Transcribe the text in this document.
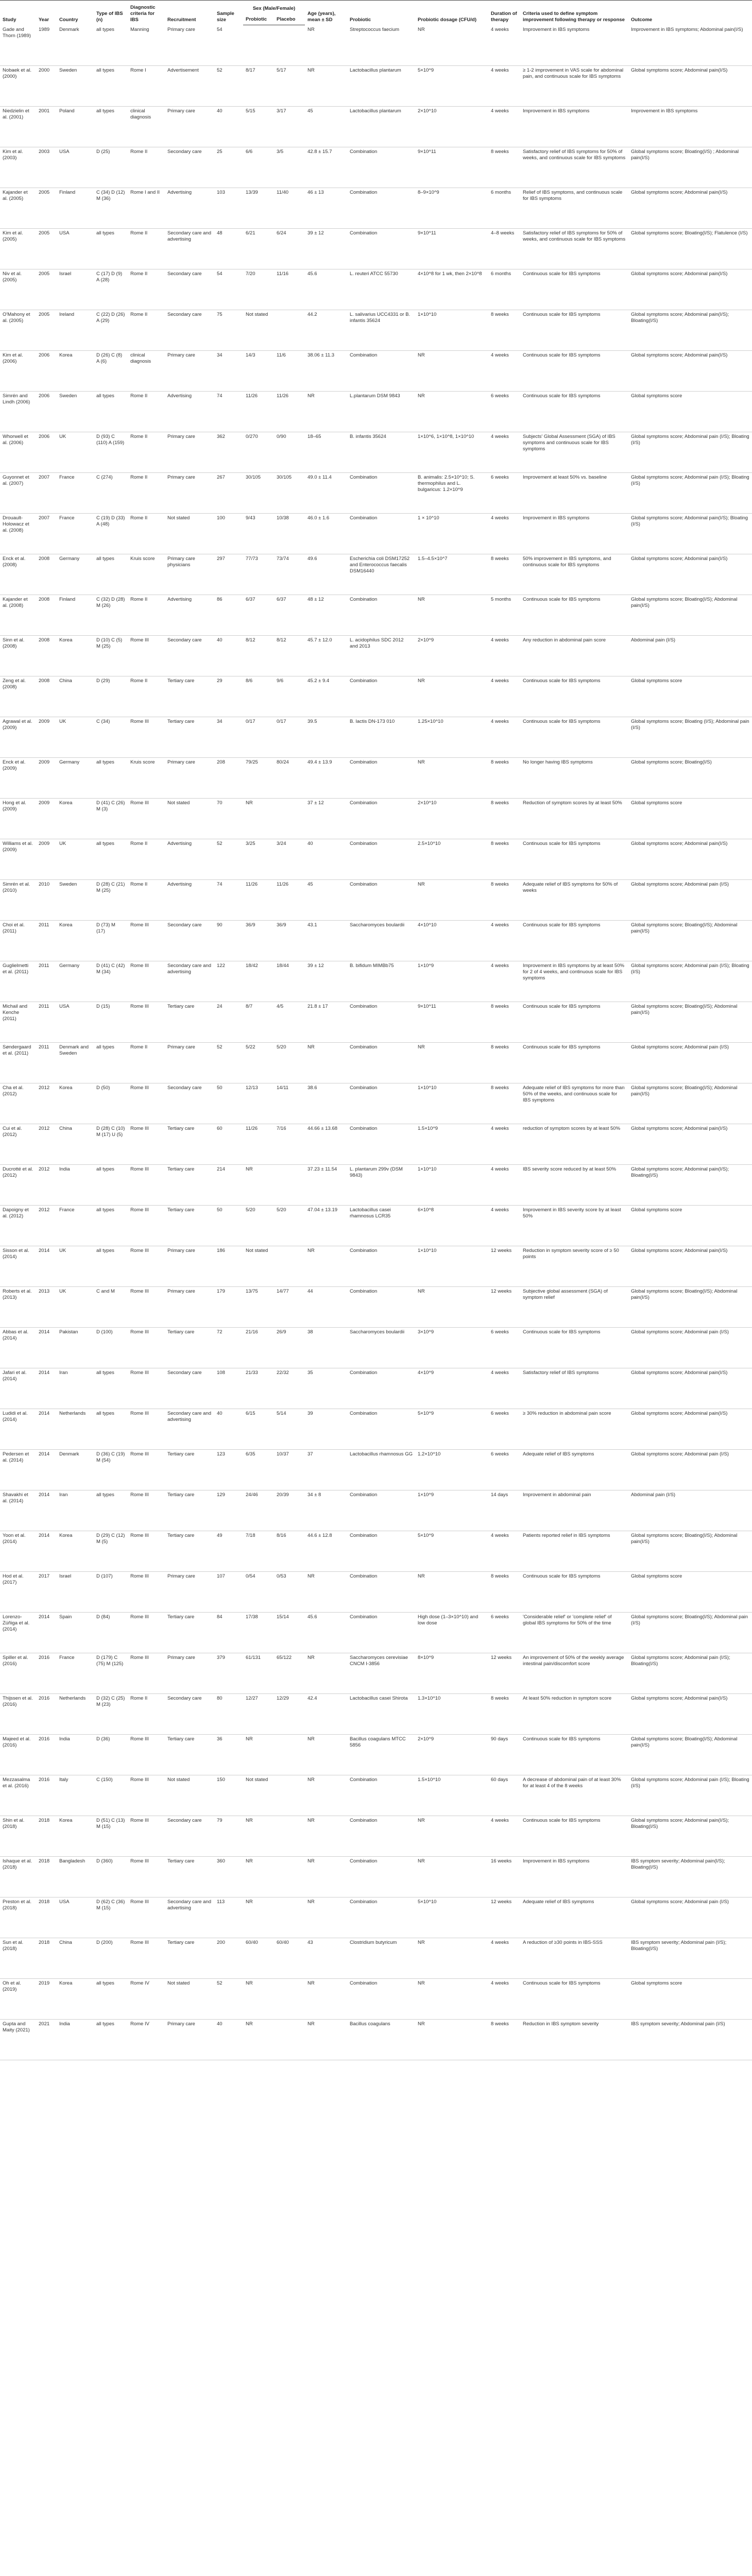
Study	Year	Country	Type of IBS (n)	Diagnostic criteria for IBS	Recruitment	Sample size	Sex (Male/Female)		Age (years), mean ± SD	Probiotic	Probiotic dosage (CFU/d)	Duration of therapy	Criteria used to define symptom improvement following therapy or response	Outcome
							Probiotic	Placebo						
Gade and Thorn (1989)	1989	Denmark	all types	Manning	Primary care	54			NR	Streptococcus faecium	NR	4 weeks	Improvement in IBS symptoms	Improvement in IBS symptoms; Abdominal pain(I/S)
Nobaek et al. (2000)	2000	Sweden	all types	Rome I	Advertisement	52	8/17	5/17	NR	Lactobacillus plantarum	5×10^9	4 weeks	≥ 1-2 improvement in VAS scale for abdominal pain, and continuous scale for IBS symptoms	Global symptoms score; Abdominal pain(I/S)
Niedzielin et al. (2001)	2001	Poland	all types	clinical diagnosis	Primary care	40	5/15	3/17	45	Lactobacillus plantarum	2×10^10	4 weeks	Improvement in IBS symptoms	Improvement in IBS symptoms
Kim et al. (2003)	2003	USA	D (25)	Rome II	Secondary care	25	6/6	3/5	42.8 ± 15.7	Combination	9×10^11	8 weeks	Satisfactory relief of IBS symptoms for 50% of weeks, and continuous scale for IBS symptoms	Global symptoms score; Bloating(I/S) ; Abdominal pain(I/S)
Kajander et al. (2005)	2005	Finland	C (34) D (12) M (36)	Rome I and II	Advertising	103	13/39	11/40	46 ± 13	Combination	8–9×10^9	6 months	Relief of IBS symptoms, and continuous scale for IBS symptoms	Global symptoms score; Abdominal pain(I/S)
Kim et al. (2005)	2005	USA	all types	Rome II	Secondary care and advertising	48	6/21	6/24	39 ± 12	Combination	9×10^11	4–8 weeks	Satisfactory relief of IBS symptoms for 50% of weeks, and continuous scale for IBS symptoms	Global symptoms score; Bloating(I/S); Flatulence (I/S)
Niv et al. (2005)	2005	Israel	C (17) D (9) A (28)	Rome II	Secondary care	54	7/20	11/16	45.6	L. reuteri ATCC 55730	4×10^8 for 1 wk, then 2×10^8	6 months	Continuous scale for IBS symptoms	Global symptoms score; Abdominal pain(I/S)
O'Mahony et al. (2005)	2005	Ireland	C (22) D (26) A (29)	Rome II	Secondary care	75	Not stated		44.2	L. salivarius UCC4331 or B. infantis 35624	1×10^10	8 weeks	Continuous scale for IBS symptoms	Global symptoms score; Abdominal pain(I/S); Bloating(I/S)
Kim et al. (2006)	2006	Korea	D (26) C (8) A (6)	clinical diagnosis	Primary care	34	14/3	11/6	38.06 ± 11.3	Combination	NR	4 weeks	Continuous scale for IBS symptoms	Global symptoms score; Abdominal pain(I/S)
Simrén and Lindh (2006)	2006	Sweden	all types	Rome II	Advertising	74	11/26	11/26	NR	L.plantarum DSM 9843	NR	6 weeks	Continuous scale for IBS symptoms	Global symptoms score
Whorwell et al. (2006)	2006	UK	D (93) C (110) A (159)	Rome II	Primary care	362	0/270	0/90	18–65	B. infantis 35624	1×10^6, 1×10^8, 1×10^10	4 weeks	Subjects' Global Assessment (SGA) of IBS symptoms and continuous scale for IBS symptoms	Global symptoms score; Abdominal pain (I/S); Bloating (I/S)
Guyonnet et al. (2007)	2007	France	C (274)	Rome II	Primary care	267	30/105	30/105	49.0 ± 11.4	Combination	B. animalis: 2.5×10^10; S. thermophilus and L. bulgaricus: 1.2×10^9	6 weeks	Improvement at least 50% vs. baseline	Global symptoms score; Abdominal pain (I/S); Bloating (I/S)
Drouault-Holowacz et al. (2008)	2007	France	C (19) D (33) A (48)	Rome II	Not stated	100	9/43	10/38	46.0 ± 1.6	Combination	1 × 10^10	4 weeks	Improvement in IBS symptoms	Global symptoms score; Abdominal pain(I/S); Bloating (I/S)
Enck et al. (2008)	2008	Germany	all types	Kruis score	Primary care physicians	297	77/73	73/74	49.6	Escherichia coli DSM17252 and Enterococcus faecalis DSM16440	1.5–4.5×10^7	8 weeks	50% improvement in IBS symptoms, and continuous scale for IBS symptoms	Global symptoms score; Abdominal pain(I/S)
Kajander et al. (2008)	2008	Finland	C (32) D (28) M (26)	Rome II	Advertising	86	6/37	6/37	48 ± 12	Combination	NR	5 months	Continuous scale for IBS symptoms	Global symptoms score; Bloating(I/S); Abdominal pain(I/S)
Sinn et al. (2008)	2008	Korea	D (10) C (5) M (25)	Rome III	Secondary care	40	8/12	8/12	45.7 ± 12.0	L. acidophilus SDC 2012 and 2013	2×10^9	4 weeks	Any reduction in abdominal pain score	Abdominal pain (I/S)
Zeng et al. (2008)	2008	China	D (29)	Rome II	Tertiary care	29	8/6	9/6	45.2 ± 9.4	Combination	NR	4 weeks	Continuous scale for IBS symptoms	Global symptoms score
Agrawal et al. (2009)	2009	UK	C (34)	Rome III	Tertiary care	34	0/17	0/17	39.5	B. lactis DN-173 010	1.25×10^10	4 weeks	Continuous scale for IBS symptoms	Global symptoms score; Bloating (I/S); Abdominal pain (I/S)
Enck et al. (2009)	2009	Germany	all types	Kruis score	Primary care	208	79/25	80/24	49.4 ± 13.9	Combination	NR	8 weeks	No longer having IBS symptoms	Global symptoms score; Bloating(I/S)
Hong et al. (2009)	2009	Korea	D (41) C (26) M (3)	Rome III	Not stated	70	NR		37 ± 12	Combination	2×10^10	8 weeks	Reduction of symptom scores by at least 50%	Global symptoms score
Williams et al. (2009)	2009	UK	all types	Rome II	Advertising	52	3/25	3/24	40	Combination	2.5×10^10	8 weeks	Continuous scale for IBS symptoms	Global symptoms score; Abdominal pain(I/S)
Simrén et al. (2010)	2010	Sweden	D (28) C (21) M (25)	Rome II	Advertising	74	11/26	11/26	45	Combination	NR	8 weeks	Adequate relief of IBS symptoms for 50% of weeks	Global symptoms score; Abdominal pain (I/S)
Choi et al. (2011)	2011	Korea	D (73) M (17)	Rome III	Secondary care	90	36/9	36/9	43.1	Saccharomyces boulardii	4×10^10	4 weeks	Continuous scale for IBS symptoms	Global symptoms score; Bloating(I/S); Abdominal pain(I/S)
Guglielmetti et al. (2011)	2011	Germany	D (41) C (42) M (34)	Rome III	Secondary care and advertising	122	18/42	18/44	39 ± 12	B. bifidum MIMBb75	1×10^9	4 weeks	Improvement in IBS symptoms by at least 50% for 2 of 4 weeks, and continuous scale for IBS symptoms	Global symptoms score; Abdominal pain (I/S); Bloating (I/S)
Michail and Kenche (2011)	2011	USA	D (15)	Rome III	Tertiary care	24	8/7	4/5	21.8 ± 17	Combination	9×10^11	8 weeks	Continuous scale for IBS symptoms	Global symptoms score; Bloating(I/S); Abdominal pain(I/S)
Søndergaard et al. (2011)	2011	Denmark and Sweden	all types	Rome II	Primary care	52	5/22	5/20	NR	Combination	NR	8 weeks	Continuous scale for IBS symptoms	Global symptoms score; Abdominal pain (I/S)
Cha et al. (2012)	2012	Korea	D (50)	Rome III	Secondary care	50	12/13	14/11	38.6	Combination	1×10^10	8 weeks	Adequate relief of IBS symptoms for more than 50% of the weeks, and continuous scale for IBS symptoms	Global symptoms score; Bloating(I/S); Abdominal pain(I/S)
Cui et al. (2012)	2012	China	D (28) C (10) M (17) U (5)	Rome III	Tertiary care	60	11/26	7/16	44.66 ± 13.68	Combination	1.5×10^9	4 weeks	reduction of symptom scores by at least 50%	Global symptoms score; Abdominal pain(I/S)
Ducrotté et al. (2012)	2012	India	all types	Rome III	Tertiary care	214	NR		37.23 ± 11.54	L. plantarum 299v (DSM 9843)	1×10^10	4 weeks	IBS severity score reduced by at least 50%	Global symptoms score; Abdominal pain(I/S); Bloating(I/S)
Dapoigny et al. (2012)	2012	France	all types	Rome III	Tertiary care	50	5/20	5/20	47.04 ± 13.19	Lactobacillus casei rhamnosus LCR35	6×10^8	4 weeks	Improvement in IBS severity score by at least 50%	Global symptoms score
Sisson et al. (2014)	2014	UK	all types	Rome III	Primary care	186	Not stated		NR	Combination	1×10^10	12 weeks	Reduction in symptom severity score of ≥ 50 points	Global symptoms score; Abdominal pain(I/S)
Roberts et al. (2013)	2013	UK	C and M	Rome III	Primary care	179	13/75	14/77	44	Combination	NR	12 weeks	Subjective global assessment (SGA) of symptom relief	Global symptoms score; Bloating(I/S); Abdominal pain(I/S)
Abbas et al. (2014)	2014	Pakistan	D (100)	Rome III	Tertiary care	72	21/16	26/9	38	Saccharomyces boulardii	3×10^9	6 weeks	Continuous scale for IBS symptoms	Global symptoms score; Abdominal pain (I/S)
Jafari et al. (2014)	2014	Iran	all types	Rome III	Secondary care	108	21/33	22/32	35	Combination	4×10^9	4 weeks	Satisfactory relief of IBS symptoms	Global symptoms score; Abdominal pain(I/S)
Ludidi et al. (2014)	2014	Netherlands	all types	Rome III	Secondary care and advertising	40	6/15	5/14	39	Combination	5×10^9	6 weeks	≥ 30% reduction in abdominal pain score	Global symptoms score; Abdominal pain(I/S)
Pedersen et al. (2014)	2014	Denmark	D (36) C (19) M (54)	Rome III	Tertiary care	123	6/35	10/37	37	Lactobacillus rhamnosus GG	1.2×10^10	6 weeks	Adequate relief of IBS symptoms	Global symptoms score; Abdominal pain (I/S)
Shavakhi et al. (2014)	2014	Iran	all types	Rome III	Tertiary care	129	24/46	20/39	34 ± 8	Combination	1×10^9	14 days	Improvement in abdominal pain	Abdominal pain (I/S)
Yoon et al. (2014)	2014	Korea	D (29) C (12) M (5)	Rome III	Tertiary care	49	7/18	8/16	44.6 ± 12.8	Combination	5×10^9	4 weeks	Patients reported relief in IBS symptoms	Global symptoms score; Bloating(I/S); Abdominal pain(I/S)
Hod et al. (2017)	2017	Israel	D (107)	Rome III	Primary care	107	0/54	0/53	NR	Combination	NR	8 weeks	Continuous scale for IBS symptoms	Global symptoms score
Lorenzo-Zúñiga et al. (2014)	2014	Spain	D (84)	Rome III	Tertiary care	84	17/38	15/14	45.6	Combination	High dose (1–3×10^10) and low dose	6 weeks	'Considerable relief' or 'complete relief' of global IBS symptoms for 50% of the time	Global symptoms score; Bloating(I/S); Abdominal pain (I/S)
Spiller et al. (2016)	2016	France	D (179) C (75) M (125)	Rome III	Primary care	379	61/131	65/122	NR	Saccharomyces cerevisiae CNCM I-3856	8×10^9	12 weeks	An improvement of 50% of the weekly average intestinal pain/discomfort score	Global symptoms score; Abdominal pain (I/S); Bloating(I/S)
Thijssen et al. (2016)	2016	Netherlands	D (32) C (25) M (23)	Rome II	Secondary care	80	12/27	12/29	42.4	Lactobacillus casei Shirota	1.3×10^10	8 weeks	At least 50% reduction in symptom score	Global symptoms score; Abdominal pain(I/S)
Majeed et al. (2016)	2016	India	D (36)	Rome III	Tertiary care	36	NR		NR	Bacillus coagulans MTCC 5856	2×10^9	90 days	Continuous scale for IBS symptoms	Global symptoms score; Bloating(I/S); Abdominal pain(I/S)
Mezzasalma et al. (2016)	2016	Italy	C (150)	Rome III	Not stated	150	Not stated		NR	Combination	1.5×10^10	60 days	A decrease of abdominal pain of at least 30% for at least 4 of the 8 weeks	Global symptoms score; Abdominal pain (I/S); Bloating (I/S)
Shin et al. (2018)	2018	Korea	D (51) C (13) M (15)	Rome III	Secondary care	79	NR		NR	Combination	NR	4 weeks	Continuous scale for IBS symptoms	Global symptoms score; Abdominal pain(I/S); Bloating(I/S)
Ishaque et al. (2018)	2018	Bangladesh	D (360)	Rome III	Tertiary care	360	NR		NR	Combination	NR	16 weeks	Improvement in IBS symptoms	IBS symptom severity; Abdominal pain(I/S); Bloating(I/S)
Preston et al. (2018)	2018	USA	D (62) C (36) M (15)	Rome III	Secondary care and advertising	113	NR		NR	Combination	5×10^10	12 weeks	Adequate relief of IBS symptoms	Global symptoms score; Abdominal pain (I/S)
Sun et al. (2018)	2018	China	D (200)	Rome III	Tertiary care	200	60/40	60/40	43	Clostridium butyricum	NR	4 weeks	A reduction of ≥30 points in IBS-SSS	IBS symptom severity; Abdominal pain (I/S); Bloating(I/S)
Oh et al. (2019)	2019	Korea	all types	Rome IV	Not stated	52	NR		NR	Combination	NR	4 weeks	Continuous scale for IBS symptoms	Global symptoms score
Gupta and Maity (2021)	2021	India	all types	Rome IV	Primary care	40	NR		NR	Bacillus coagulans	NR	8 weeks	Reduction in IBS symptom severity	IBS symptom severity; Abdominal pain (I/S)
